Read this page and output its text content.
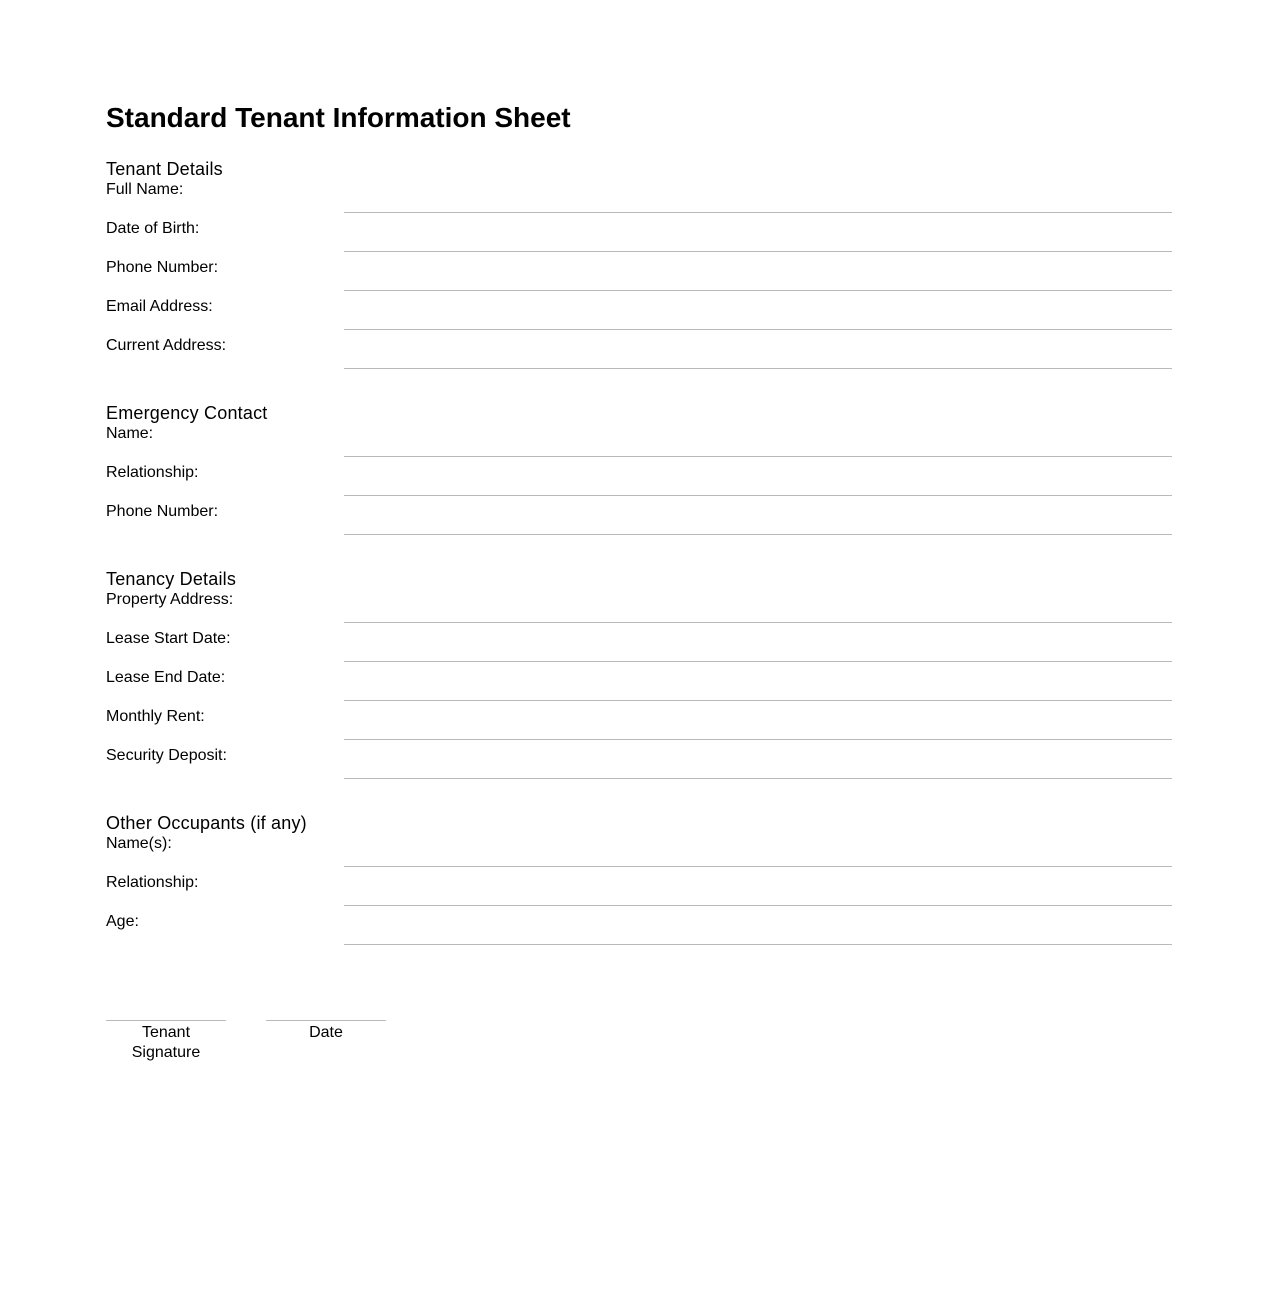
Standard Tenant Information Sheet
Tenant Details
Full Name:
Date of Birth:
Phone Number:
Email Address:
Current Address:
Emergency Contact
Name:
Relationship:
Phone Number:
Tenancy Details
Property Address:
Lease Start Date:
Lease End Date:
Monthly Rent:
Security Deposit:
Other Occupants (if any)
Name(s):
Relationship:
Age:
Tenant Signature
Date
